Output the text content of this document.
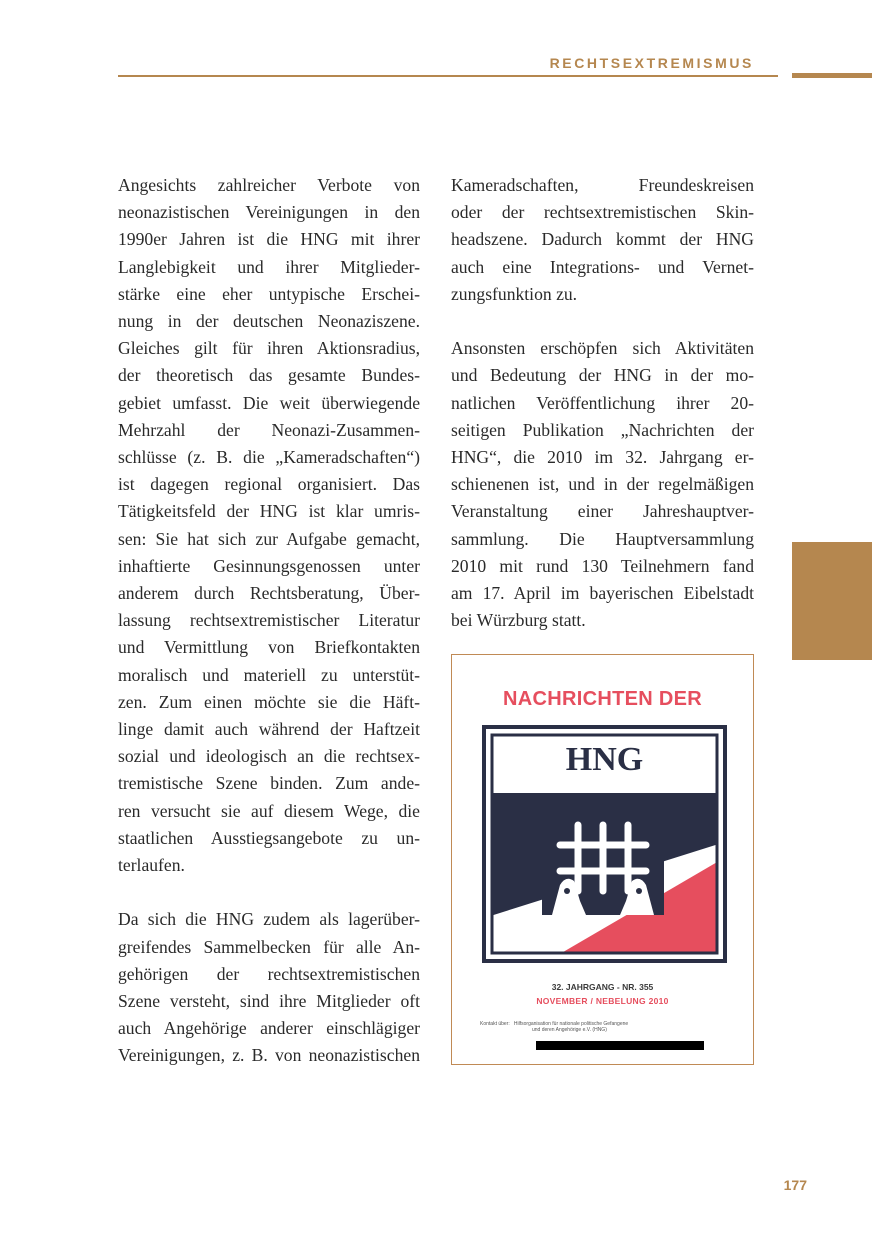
RECHTSEXTREMISMUS
Angesichts zahlreicher Verbote von
neonazistischen Vereinigungen in den
1990er Jahren ist die HNG mit ihrer
Langlebigkeit und ihrer Mitglieder-
stärke eine eher untypische Erschei-
nung in der deutschen Neonaziszene.
Gleiches gilt für ihren Aktionsradius,
der theoretisch das gesamte Bundes-
gebiet umfasst. Die weit überwiegende
Mehrzahl der Neonazi-Zusammen-
schlüsse (z. B. die „Kameradschaften“)
ist dagegen regional organisiert. Das
Tätigkeitsfeld der HNG ist klar umris-
sen: Sie hat sich zur Aufgabe gemacht,
inhaftierte Gesinnungsgenossen unter
anderem durch Rechtsberatung, Über-
lassung rechtsextremistischer Literatur
und Vermittlung von Briefkontakten
moralisch und materiell zu unterstüt-
zen. Zum einen möchte sie die Häft-
linge damit auch während der Haftzeit
sozial und ideologisch an die rechtsex-
tremistische Szene binden. Zum ande-
ren versucht sie auf diesem Wege, die
staatlichen Ausstiegsangebote zu un-
terlaufen.
Da sich die HNG zudem als lagerüber-
greifendes Sammelbecken für alle An-
gehörigen der rechtsextremistischen
Szene versteht, sind ihre Mitglieder oft
auch Angehörige anderer einschlägiger
Vereinigungen, z. B. von neonazistischen
Kameradschaften, Freundeskreisen
oder der rechtsextremistischen Skin-
headszene. Dadurch kommt der HNG
auch eine Integrations- und Vernet-
zungsfunktion zu.
Ansonsten erschöpfen sich Aktivitäten
und Bedeutung der HNG in der mo-
natlichen Veröffentlichung ihrer 20-
seitigen Publikation „Nachrichten der
HNG“, die 2010 im 32. Jahrgang er-
schienenen ist, und in der regelmäßigen
Veranstaltung einer Jahreshauptver-
sammlung. Die Hauptversammlung
2010 mit rund 130 Teilnehmern fand
am 17. April im bayerischen Eibelstadt
bei Würzburg statt.
NACHRICHTEN DER
HNG
32. JAHRGANG - NR. 355
NOVEMBER / NEBELUNG 2010
Kontakt über: Hilfsorganisation für nationale politische Gefangene
und deren Angehörige e.V. (HNG)
177
